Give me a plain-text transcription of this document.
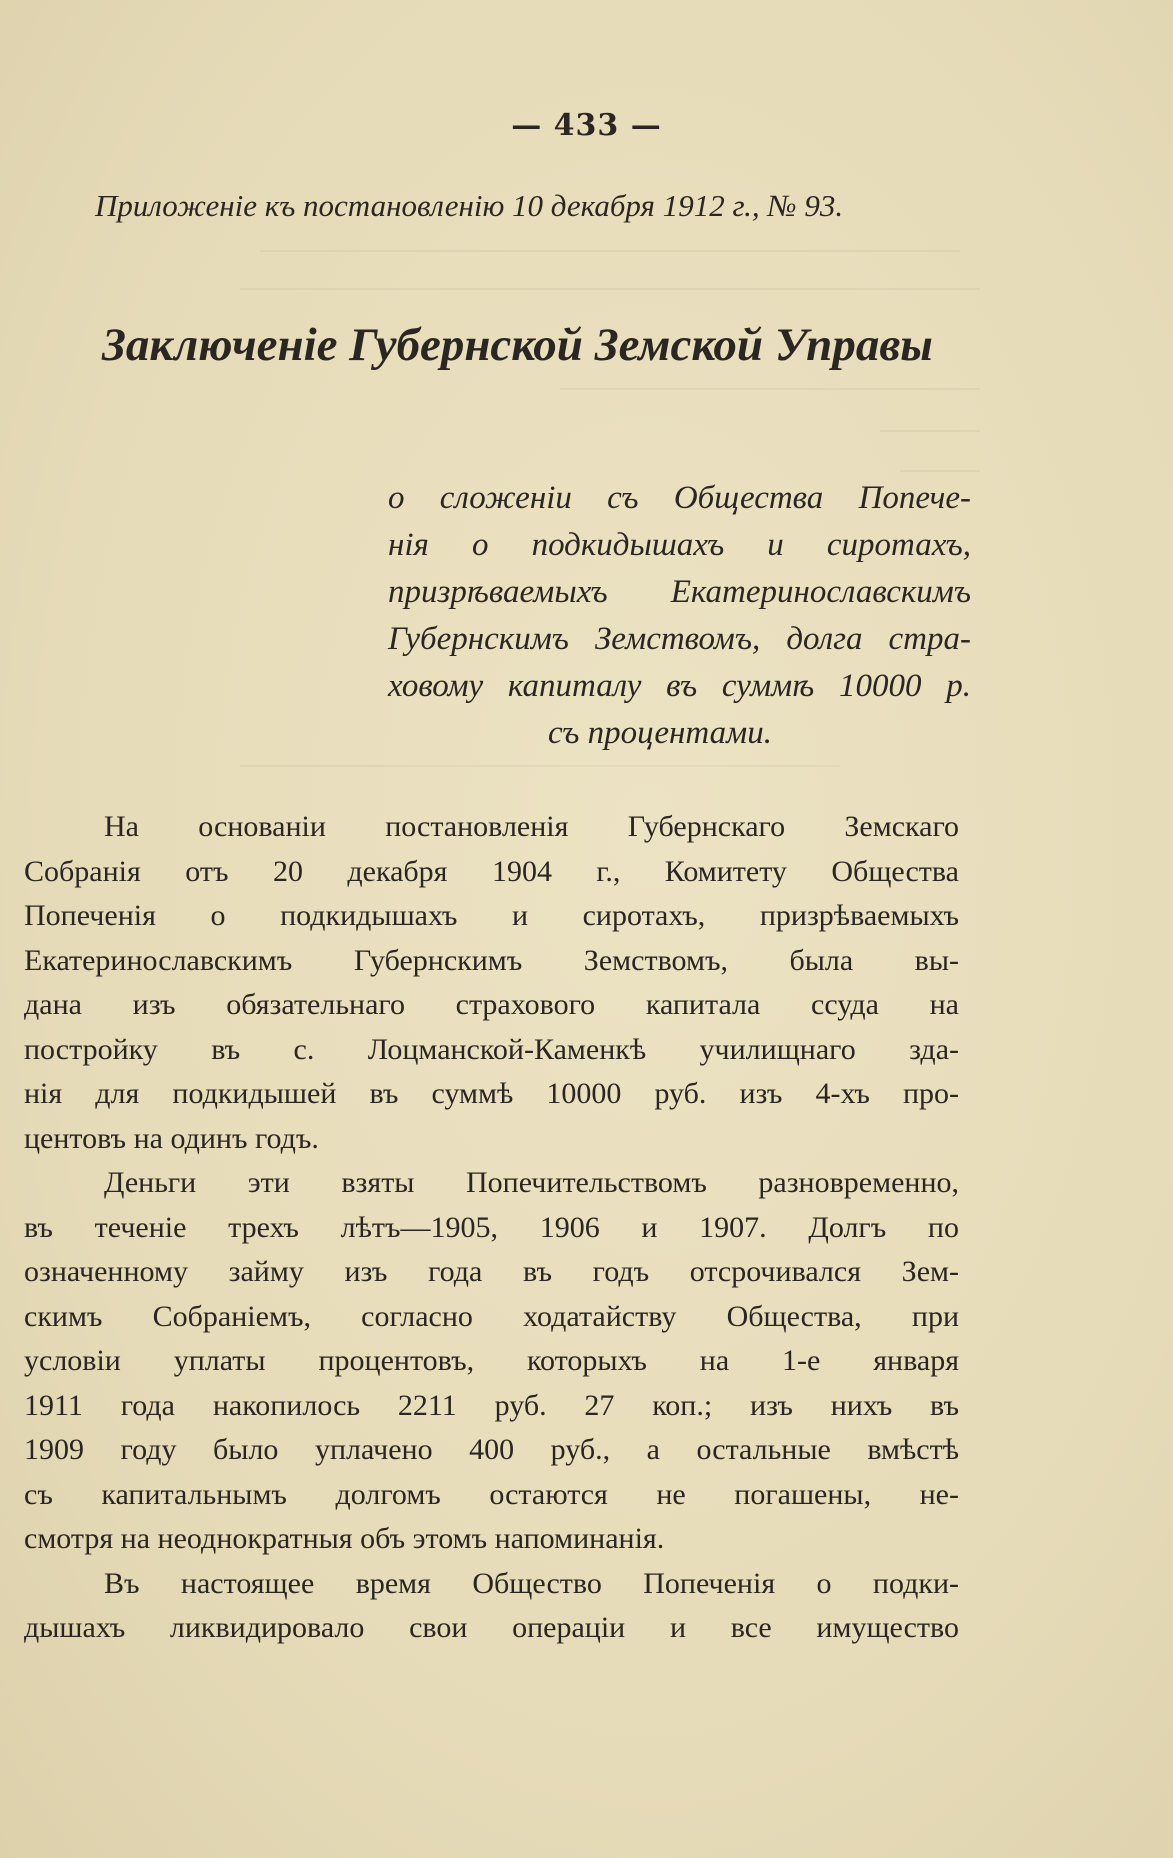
— 433 —
Приложенiе къ постановленiю 10 декабря 1912 г., № 93.
Заключенiе Губернской Земской Управы
о сложенiи съ Общества Попече-
нiя о подкидышахъ и сиротахъ,
призрѣваемыхъ Екатеринославскимъ
Губернскимъ Земствомъ, долга стра-
ховому капиталу въ суммѣ 10000 р.
съ процентами.
На основанiи постановленiя Губернскаго Земскаго
Собранiя отъ 20 декабря 1904 г., Комитету Общества
Попеченiя о подкидышахъ и сиротахъ, призрѣваемыхъ
Екатеринославскимъ Губернскимъ Земствомъ, была вы-
дана изъ обязательнаго страхового капитала ссуда на
постройку въ с. Лоцманской-Каменкѣ училищнаго зда-
нiя для подкидышей въ суммѣ 10000 руб. изъ 4-хъ про-
центовъ на одинъ годъ.
Деньги эти взяты Попечительствомъ разновременно,
въ теченiе трехъ лѣтъ—1905, 1906 и 1907. Долгъ по
означенному займу изъ года въ годъ отсрочивался Зем-
скимъ Собранiемъ, согласно ходатайству Общества, при
условiи уплаты процентовъ, которыхъ на 1-е января
1911 года накопилось 2211 руб. 27 коп.; изъ нихъ въ
1909 году было уплачено 400 руб., а остальные вмѣстѣ
съ капитальнымъ долгомъ остаются не погашены, не-
смотря на неоднократныя объ этомъ напоминанiя.
Въ настоящее время Общество Попеченiя о подки-
дышахъ ликвидировало свои операцiи и все имущество
